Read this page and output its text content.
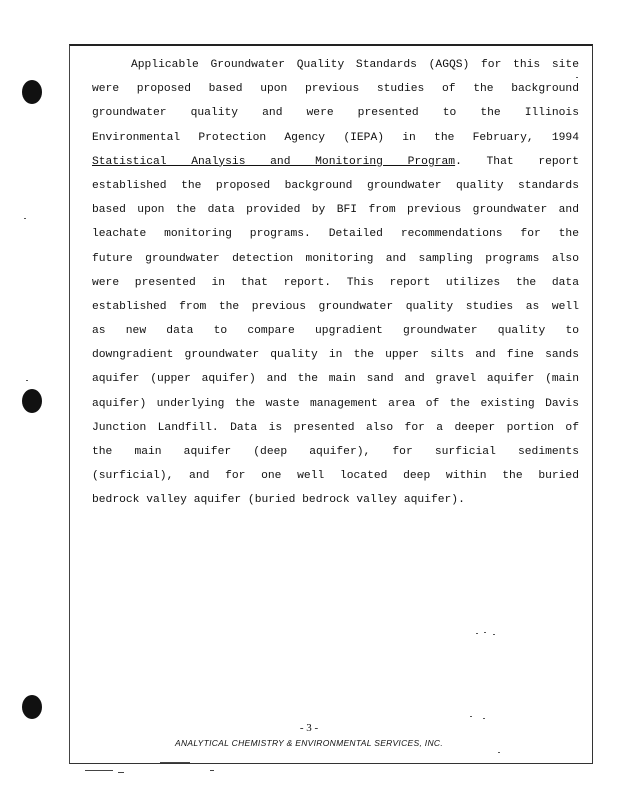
Applicable Groundwater Quality Standards (AGQS) for this site
were proposed based upon previous studies of the background
groundwater quality and were presented to the Illinois
Environmental Protection Agency (IEPA) in the February, 1994
Statistical Analysis and Monitoring Program. That report
established the proposed background groundwater quality standards
based upon the data provided by BFI from previous groundwater and
leachate monitoring programs. Detailed recommendations for the
future groundwater detection monitoring and sampling programs also
were presented in that report. This report utilizes the data
established from the previous groundwater quality studies as well
as new data to compare upgradient groundwater quality to
downgradient groundwater quality in the upper silts and fine sands
aquifer (upper aquifer) and the main sand and gravel aquifer (main
aquifer) underlying the waste management area of the existing Davis
Junction Landfill. Data is presented also for a deeper portion of
the main aquifer (deep aquifer), for surficial sediments
(surficial), and for one well located deep within the buried
bedrock valley aquifer (buried bedrock valley aquifer).
- 3 -
ANALYTICAL CHEMISTRY & ENVIRONMENTAL SERVICES, INC.
